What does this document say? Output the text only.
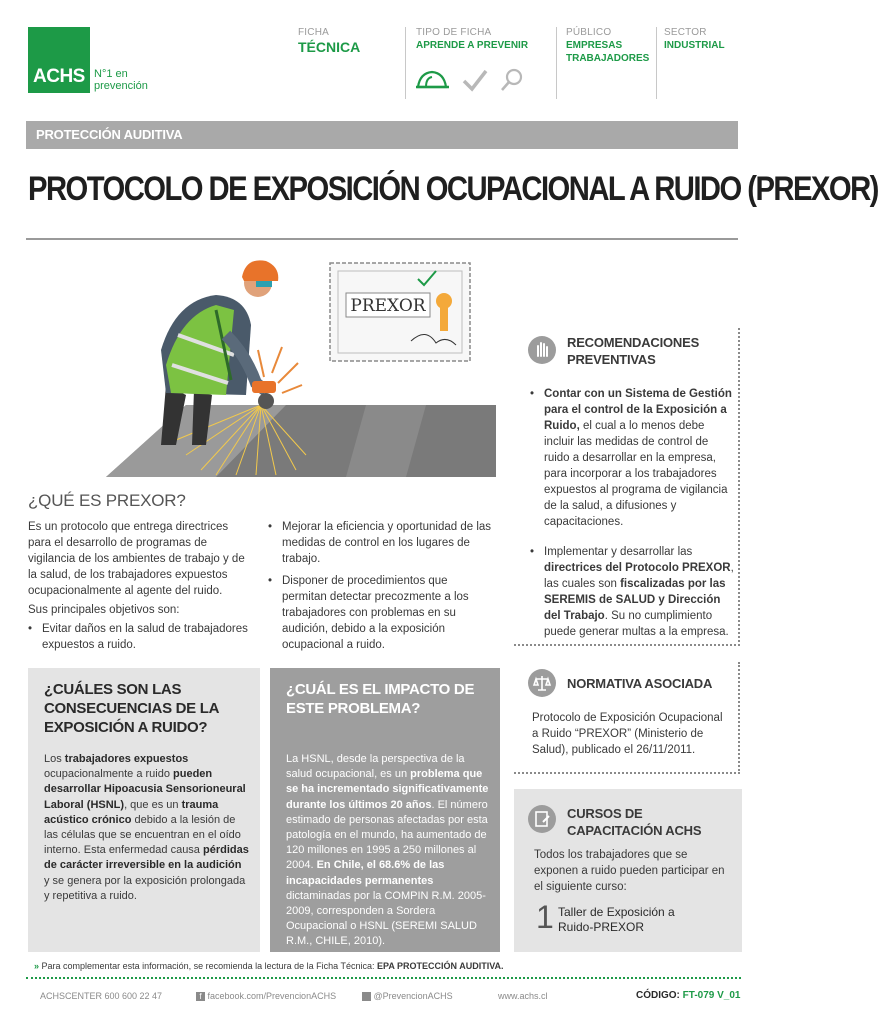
ACHS N°1 en
prevención
FICHA
TÉCNICA
TIPO DE FICHA
APRENDE A PREVENIR
PÚBLICO
EMPRESAS
TRABAJADORES
SECTOR
INDUSTRIAL
PROTECCIÓN AUDITIVA
PROTOCOLO DE EXPOSICIÓN OCUPACIONAL A RUIDO (PREXOR)
PREXOR
¿QUÉ ES PREXOR?

Es un protocolo que entrega directrices para el desarrollo de programas de vigilancia de los ambientes de trabajo y de la salud, de los trabajadores expuestos ocupacionalmente al agente del ruido.

Sus principales objetivos son:

• Evitar daños en la salud de trabajadores expuestos a ruido.
• Mejorar la eficiencia y oportunidad de las medidas de control en los lugares de trabajo.
• Disponer de procedimientos que permitan detectar precozmente a los trabajadores con problemas en su audición, debido a la exposición ocupacional a ruido.
RECOMENDACIONES
PREVENTIVAS
• Contar con un Sistema de Gestión para el control de la Exposición a Ruido, el cual a lo menos debe incluir las medidas de control de ruido a desarrollar en la empresa, para incorporar a los trabajadores expuestos al programa de vigilancia de la salud, a difusiones y capacitaciones.
• Implementar y desarrollar las directrices del Protocolo PREXOR, las cuales son fiscalizadas por las SEREMIS de SALUD y Dirección del Trabajo. Su no cumplimiento puede generar multas a la empresa.
NORMATIVA ASOCIADA

Protocolo de Exposición Ocupacional a Ruido “PREXOR” (Ministerio de Salud), publicado el 26/11/2011.

¿CUÁLES SON LAS CONSECUENCIAS DE LA EXPOSICIÓN A RUIDO?

Los trabajadores expuestos ocupacionalmente a ruido pueden desarrollar Hipoacusia Sensorioneural Laboral (HSNL), que es un trauma acústico crónico debido a la lesión de las células que se encuentran en el oído interno. Esta enfermedad causa pérdidas de carácter irreversible en la audición y se genera por la exposición prolongada y repetitiva a ruido.

¿CUÁL ES EL IMPACTO DE ESTE PROBLEMA?

La HSNL, desde la perspectiva de la salud ocupacional, es un problema que se ha incrementado significativamente durante los últimos 20 años. El número estimado de personas afectadas por esta patología en el mundo, ha aumentado de 120 millones en 1995 a 250 millones al 2004. En Chile, el 68.6% de las incapacidades permanentes dictaminadas por la COMPIN R.M. 2005-2009, corresponden a Sordera Ocupacional o HSNL (SEREMI SALUD R.M., CHILE, 2010).

CURSOS DE
CAPACITACIÓN ACHS

Todos los trabajadores que se exponen a ruido pueden participar en el siguiente curso:

1 Taller de Exposición a
Ruido-PREXOR
» Para complementar esta información, se recomienda la lectura de la Ficha Técnica: EPA PROTECCIÓN AUDITIVA.
ACHSCENTER 600 600 22 47	f facebook.com/PrevencionACHS	@PrevencionACHS	www.achs.cl	CÓDIGO: FT-079 V_01
